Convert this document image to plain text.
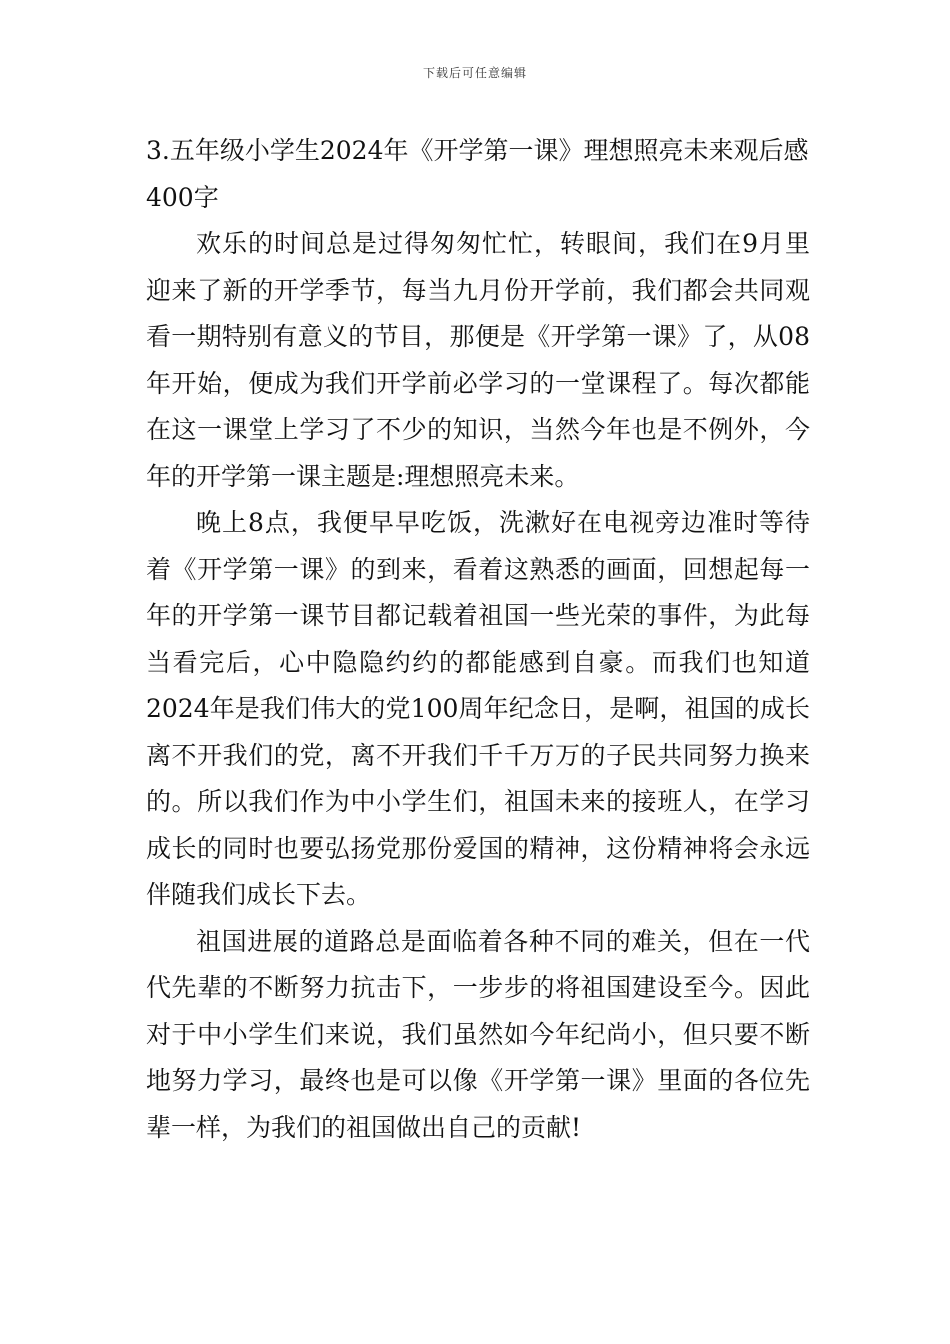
下载后可任意编辑
3.五年级小学生2024年《开学第一课》理想照亮未来观后感400字

欢乐的时间总是过得匆匆忙忙，转眼间，我们在9月里迎来了新的开学季节，每当九月份开学前，我们都会共同观看一期特别有意义的节目，那便是《开学第一课》了，从08年开始，便成为我们开学前必学习的一堂课程了。每次都能在这一课堂上学习了不少的知识，当然今年也是不例外，今年的开学第一课主题是:理想照亮未来。

晚上8点，我便早早吃饭，洗漱好在电视旁边准时等待着《开学第一课》的到来，看着这熟悉的画面，回想起每一年的开学第一课节目都记载着祖国一些光荣的事件，为此每当看完后，心中隐隐约约的都能感到自豪。而我们也知道2024年是我们伟大的党100周年纪念日，是啊，祖国的成长离不开我们的党，离不开我们千千万万的子民共同努力换来的。所以我们作为中小学生们，祖国未来的接班人，在学习成长的同时也要弘扬党那份爱国的精神，这份精神将会永远伴随我们成长下去。

祖国进展的道路总是面临着各种不同的难关，但在一代代先辈的不断努力抗击下，一步步的将祖国建设至今。因此对于中小学生们来说，我们虽然如今年纪尚小，但只要不断地努力学习，最终也是可以像《开学第一课》里面的各位先辈一样，为我们的祖国做出自己的贡献!
